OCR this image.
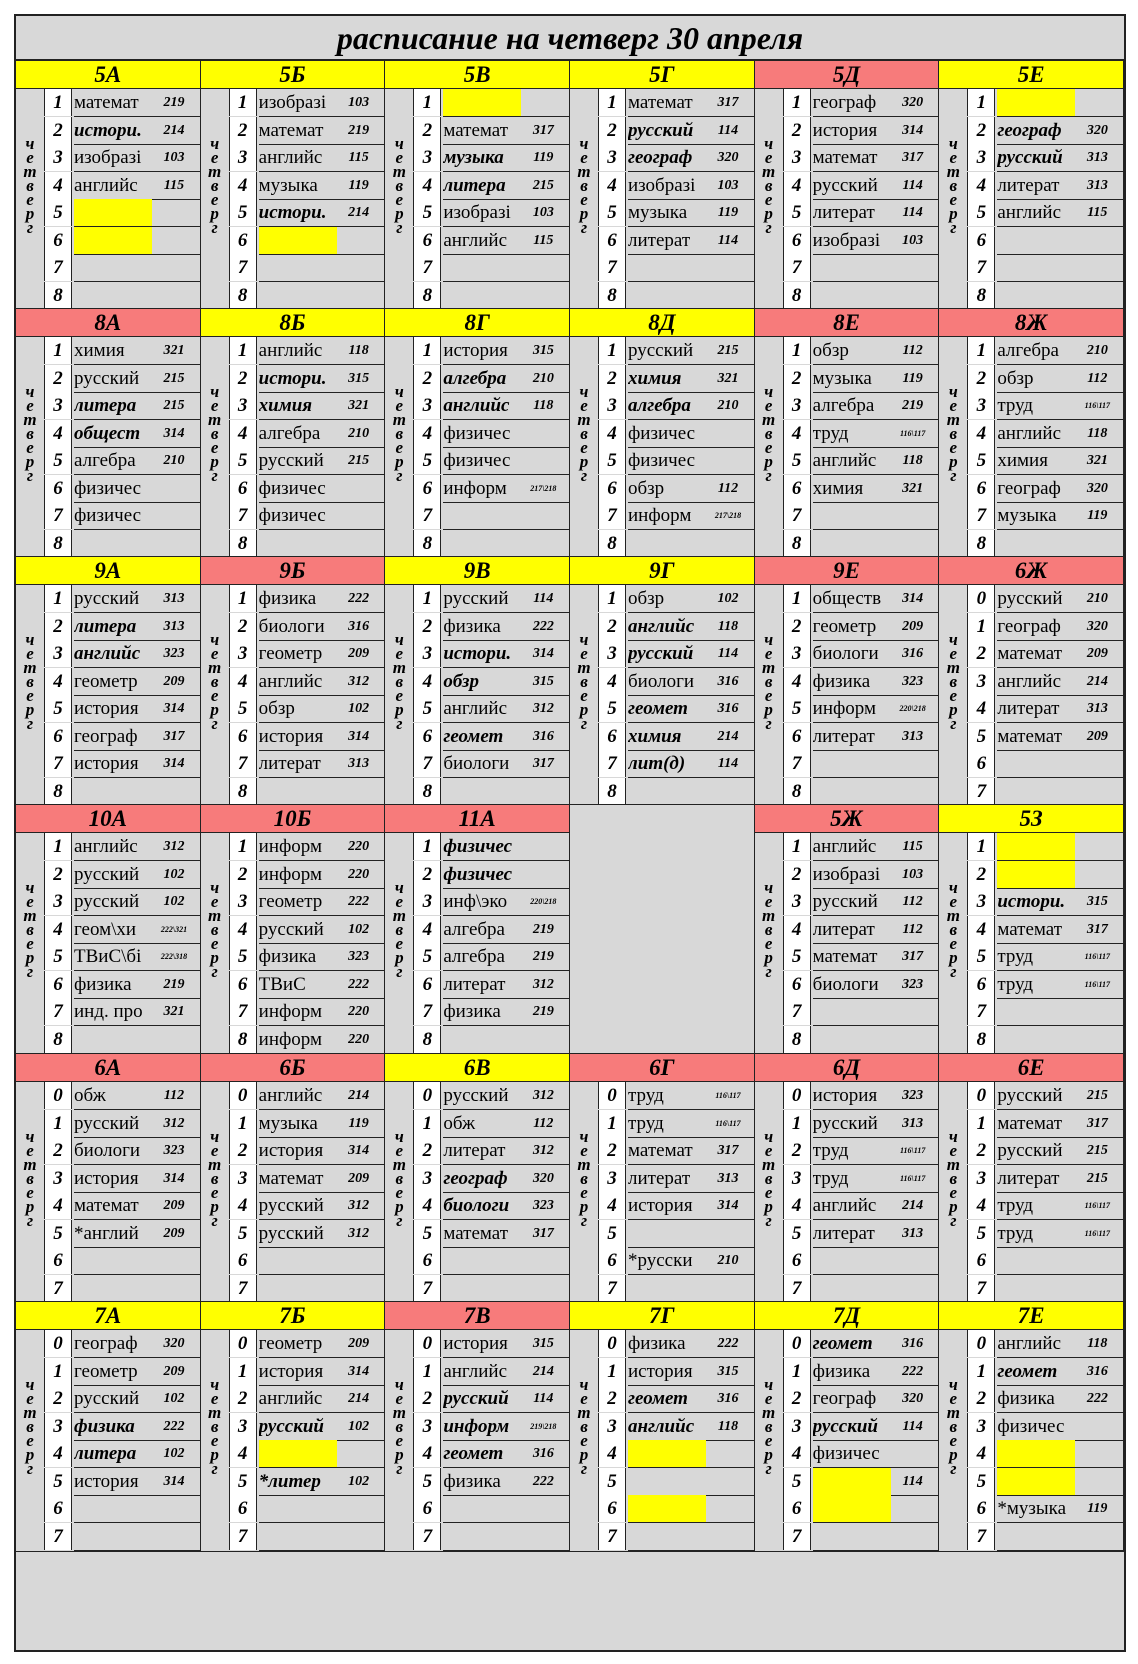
расписание на четверг 30 апреля
5А
ч
е
т
в
е
р
г
1 математ	219
2 истори.	214
3 изобразі	103
4 английс	115
5
6
7
8
5Б
ч
е
т
в
е
р
г
1 изобразі	103
2 математ	219
3 английс	115
4 музыка	119
5 истори.	214
6
7
8
5В
ч
е
т
в
е
р
г
1
2 математ	317
3 музыка	119
4 литера	215
5 изобразі	103
6 английс	115
7
8
5Г
ч
е
т
в
е
р
г
1 математ	317
2 русский	114
3 географ	320
4 изобразі	103
5 музыка	119
6 литерат	114
7
8
5Д
ч
е
т
в
е
р
г
1 географ	320
2 история	314
3 математ	317
4 русский	114
5 литерат	114
6 изобразі	103
7
8
5Е
ч
е
т
в
е
р
г
1
2 географ	320
3 русский	313
4 литерат	313
5 английс	115
6
7
8
8А
ч
е
т
в
е
р
г
1 химия	321
2 русский	215
3 литера	215
4 общест	314
5 алгебра	210
6 физичес
7 физичес
8
8Б
ч
е
т
в
е
р
г
1 английс	118
2 истори.	315
3 химия	321
4 алгебра	210
5 русский	215
6 физичес
7 физичес
8
8Г
ч
е
т
в
е
р
г
1 история	315
2 алгебра	210
3 английс	118
4 физичес
5 физичес
6 информ	217\218
7
8
8Д
ч
е
т
в
е
р
г
1 русский	215
2 химия	321
3 алгебра	210
4 физичес
5 физичес
6 обзр	112
7 информ	217\218
8
8Е
ч
е
т
в
е
р
г
1 обзр	112
2 музыка	119
3 алгебра	219
4 труд	116\117
5 английс	118
6 химия	321
7
8
8Ж
ч
е
т
в
е
р
г
1 алгебра	210
2 обзр	112
3 труд	116\117
4 английс	118
5 химия	321
6 географ	320
7 музыка	119
8
9А
ч
е
т
в
е
р
г
1 русский	313
2 литера	313
3 английс	323
4 геометр	209
5 история	314
6 географ	317
7 история	314
8
9Б
ч
е
т
в
е
р
г
1 физика	222
2 биологи	316
3 геометр	209
4 английс	312
5 обзр	102
6 история	314
7 литерат	313
8
9В
ч
е
т
в
е
р
г
1 русский	114
2 физика	222
3 истори.	314
4 обзр	315
5 английс	312
6 геомет	316
7 биологи	317
8
9Г
ч
е
т
в
е
р
г
1 обзр	102
2 английс	118
3 русский	114
4 биологи	316
5 геомет	316
6 химия	214
7 лит(д)	114
8
9Е
ч
е
т
в
е
р
г
1 обществ	314
2 геометр	209
3 биологи	316
4 физика	323
5 информ	220\218
6 литерат	313
7
8
6Ж
ч
е
т
в
е
р
г
0 русский	210
1 географ	320
2 математ	209
3 английс	214
4 литерат	313
5 математ	209
6
7
10А
ч
е
т
в
е
р
г
1 английс	312
2 русский	102
3 русский	102
4 геом\хи	222\321
5 ТВиС\бі	222\318
6 физика	219
7 инд. про	321
8
10Б
ч
е
т
в
е
р
г
1 информ	220
2 информ	220
3 геометр	222
4 русский	102
5 физика	323
6 ТВиС	222
7 информ	220
8 информ	220
11А
ч
е
т
в
е
р
г
1 физичес
2 физичес
3 инф\эко	220\218
4 алгебра	219
5 алгебра	219
6 литерат	312
7 физика	219
8
5Ж
ч
е
т
в
е
р
г
1 английс	115
2 изобразі	103
3 русский	112
4 литерат	112
5 математ	317
6 биологи	323
7
8
5З
ч
е
т
в
е
р
г
1
2
3 истори.	315
4 математ	317
5 труд	116\117
6 труд	116\117
7
8
6А
ч
е
т
в
е
р
г
0 обж	112
1 русский	312
2 биологи	323
3 история	314
4 математ	209
5 *англий	209
6
7
6Б
ч
е
т
в
е
р
г
0 английс	214
1 музыка	119
2 история	314
3 математ	209
4 русский	312
5 русский	312
6
7
6В
ч
е
т
в
е
р
г
0 русский	312
1 обж	112
2 литерат	312
3 географ	320
4 биологи	323
5 математ	317
6
7
6Г
ч
е
т
в
е
р
г
0 труд	116\117
1 труд	116\117
2 математ	317
3 литерат	313
4 история	314
5
6 *русски	210
7
6Д
ч
е
т
в
е
р
г
0 история	323
1 русский	313
2 труд	116\117
3 труд	116\117
4 английс	214
5 литерат	313
6
7
6Е
ч
е
т
в
е
р
г
0 русский	215
1 математ	317
2 русский	215
3 литерат	215
4 труд	116\117
5 труд	116\117
6
7
7А
ч
е
т
в
е
р
г
0 географ	320
1 геометр	209
2 русский	102
3 физика	222
4 литера	102
5 история	314
6
7
7Б
ч
е
т
в
е
р
г
0 геометр	209
1 история	314
2 английс	214
3 русский	102
4
5 *литер	102
6
7
7В
ч
е
т
в
е
р
г
0 история	315
1 английс	214
2 русский	114
3 информ	219\218
4 геомет	316
5 физика	222
6
7
7Г
ч
е
т
в
е
р
г
0 физика	222
1 история	315
2 геомет	316
3 английс	118
4
5
6
7
7Д
ч
е
т
в
е
р
г
0 геомет	316
1 физика	222
2 географ	320
3 русский	114
4 физичес
5	114
6
7
7Е
ч
е
т
в
е
р
г
0 английс	118
1 геомет	316
2 физика	222
3 физичес
4
5
6 *музыка	119
7
